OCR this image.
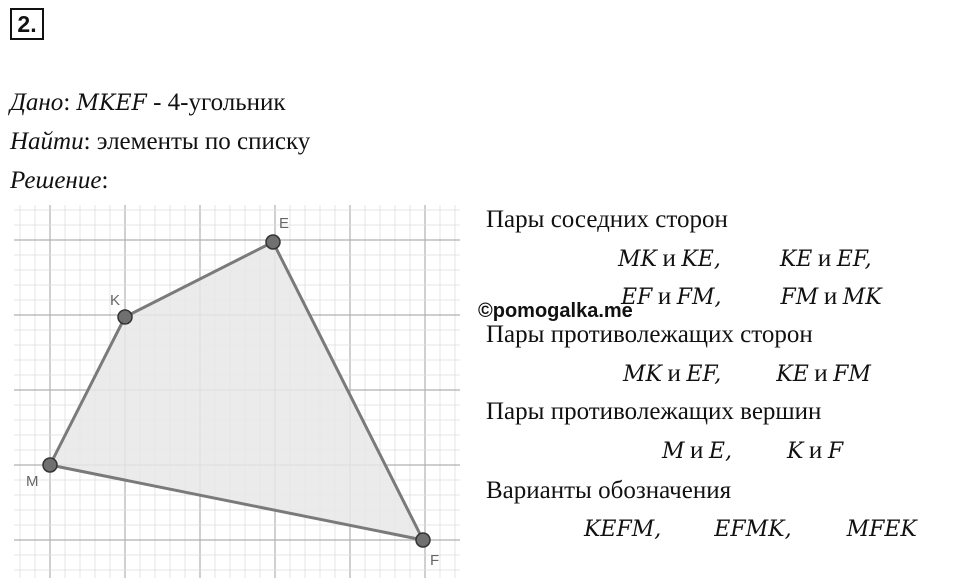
2.
Дано: MKEF - 4-угольник
Найти: элементы по списку
Решение:
M
K
E
F
©pomogalka.me
Пары соседних сторон
MK и KE,	KE и EF,
EF и FM,	FM и MK
Пары противолежащих сторон
MK и EF,	KE и FM
Пары противолежащих вершин
M и E,	K и F
Варианты обозначения
KEFM, EFMK,	MFEK
